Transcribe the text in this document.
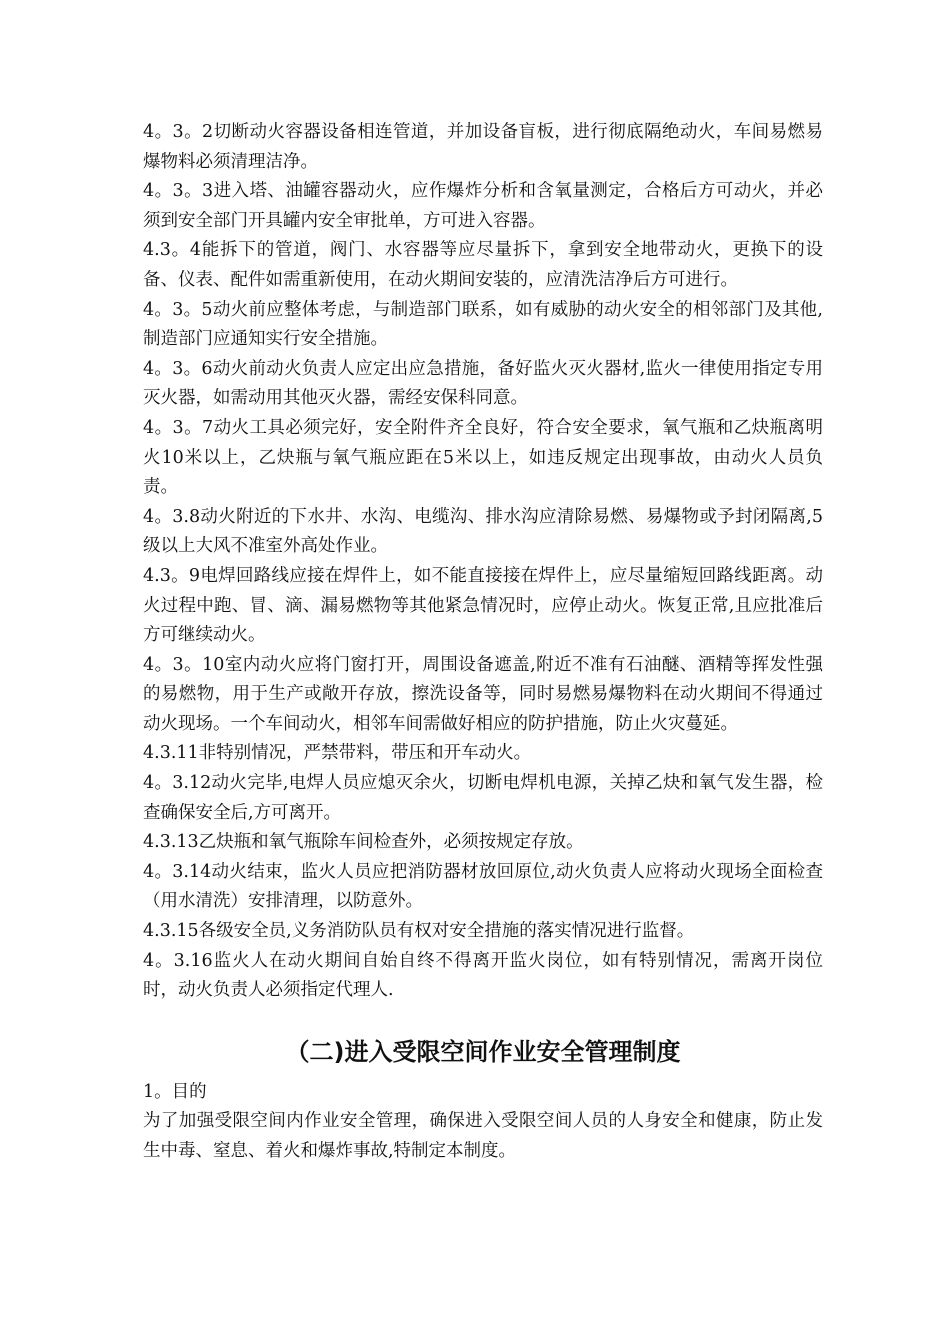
4。3。2切断动火容器设备相连管道，并加设备盲板，进行彻底隔绝动火，车间易燃易爆物料必须清理洁净。

4。3。3进入塔、油罐容器动火，应作爆炸分析和含氧量测定，合格后方可动火，并必须到安全部门开具罐内安全审批单，方可进入容器。

4.3。4能拆下的管道，阀门、水容器等应尽量拆下，拿到安全地带动火，更换下的设备、仪表、配件如需重新使用，在动火期间安装的，应清洗洁净后方可进行。

4。3。5动火前应整体考虑，与制造部门联系，如有威胁的动火安全的相邻部门及其他,制造部门应通知实行安全措施。

4。3。6动火前动火负责人应定出应急措施，备好监火灭火器材,监火一律使用指定专用灭火器，如需动用其他灭火器，需经安保科同意。

4。3。7动火工具必须完好，安全附件齐全良好，符合安全要求，氧气瓶和乙炔瓶离明火10米以上，乙炔瓶与氧气瓶应距在5米以上，如违反规定出现事故，由动火人员负责。

4。3.8动火附近的下水井、水沟、电缆沟、排水沟应清除易燃、易爆物或予封闭隔离,5级以上大风不准室外高处作业。

4.3。9电焊回路线应接在焊件上，如不能直接接在焊件上，应尽量缩短回路线距离。动火过程中跑、冒、滴、漏易燃物等其他紧急情况时，应停止动火。恢复正常,且应批准后方可继续动火。

4。3。10室内动火应将门窗打开，周围设备遮盖,附近不准有石油醚、酒精等挥发性强的易燃物，用于生产或敞开存放，擦洗设备等，同时易燃易爆物料在动火期间不得通过动火现场。一个车间动火，相邻车间需做好相应的防护措施，防止火灾蔓延。

4.3.11非特别情况，严禁带料，带压和开车动火。

4。3.12动火完毕,电焊人员应熄灭余火，切断电焊机电源，关掉乙炔和氧气发生器，检查确保安全后,方可离开。

4.3.13乙炔瓶和氧气瓶除车间检查外，必须按规定存放。

4。3.14动火结束，监火人员应把消防器材放回原位,动火负责人应将动火现场全面检查（用水清洗）安排清理，以防意外。

4.3.15各级安全员,义务消防队员有权对安全措施的落实情况进行监督。

4。3.16监火人在动火期间自始自终不得离开监火岗位，如有特别情况，需离开岗位时，动火负责人必须指定代理人.

（二)进入受限空间作业安全管理制度

1。目的

为了加强受限空间内作业安全管理，确保进入受限空间人员的人身安全和健康，防止发生中毒、窒息、着火和爆炸事故,特制定本制度。
